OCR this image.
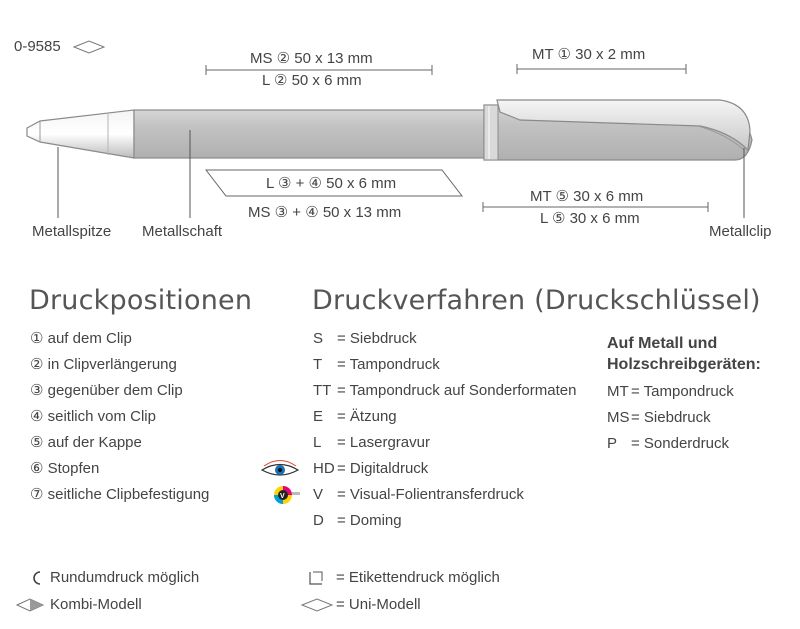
V
0-9585
MS ② 50 x 13 mm
L ② 50 x 6 mm
MT ① 30 x 2 mm
L ③ + ④ 50 x 6 mm
MS ③ + ④ 50 x 13 mm
MT ⑤ 30 x 6 mm
L ⑤ 30 x 6 mm
Metallspitze Metallschaft	Metallclip
Druckpositionen Druckverfahren (Druckschlüssel)
① auf dem Clip
② in Clipverlängerung
③ gegenüber dem Clip
④ seitlich vom Clip
⑤ auf der Kappe
⑥ Stopfen
⑦ seitliche Clipbefestigung
S = Siebdruck
T = Tampondruck
TT = Tampondruck auf Sonderformaten
E = Ätzung
L = Lasergravur
HD = Digitaldruck
V = Visual-Folientransferdruck
D = Doming
Auf Metall und
Holzschreibgeräten:
MT = Tampondruck
MS = Siebdruck
P = Sonderdruck
Rundumdruck möglich
Kombi-Modell
= Etikettendruck möglich
= Uni-Modell
